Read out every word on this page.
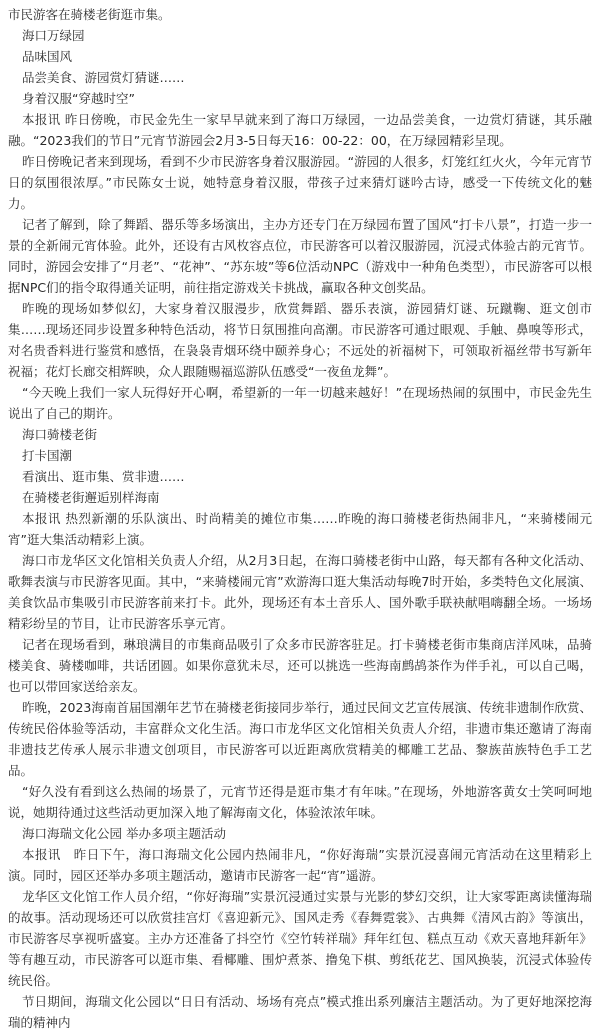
市民游客在骑楼老街逛市集。

海口万绿园

品味国风

品尝美食、游园赏灯猜谜……

身着汉服“穿越时空”

本报讯 昨日傍晚，市民金先生一家早早就来到了海口万绿园，一边品尝美食，一边赏灯猜谜，其乐融融。“2023我们的节日”元宵节游园会2月3-5日每天16：00-22：00，在万绿园精彩呈现。

昨日傍晚记者来到现场，看到不少市民游客身着汉服游园。“游园的人很多，灯笼红红火火，今年元宵节日的氛围很浓厚。”市民陈女士说，她特意身着汉服，带孩子过来猜灯谜吟古诗，感受一下传统文化的魅力。

记者了解到，除了舞蹈、器乐等多场演出，主办方还专门在万绿园布置了国风“打卡八景”，打造一步一景的全新闹元宵体验。此外，还设有古风枚容点位，市民游客可以着汉服游园，沉浸式体验古韵元宵节。同时，游园会安排了“月老”、“花神”、“苏东坡”等6位活动NPC（游戏中一种角色类型），市民游客可以根据NPC们的指令取得通关证明，前往指定游戏关卡挑战，赢取各种文创奖品。

昨晚的现场如梦似幻，大家身着汉服漫步，欣赏舞蹈、器乐表演，游园猜灯谜、玩蹴鞠、逛文创市集……现场还同步设置多种特色活动，将节日氛围推向高潮。市民游客可通过眼观、手触、鼻嗅等形式，对名贵香料进行鉴赏和感悟，在袅袅青烟环绕中颐养身心；不远处的祈福树下，可领取祈福丝带书写新年祝福；花灯长廊交相辉映，众人跟随赐福巡游队伍感受“一夜鱼龙舞”。

“今天晚上我们一家人玩得好开心啊，希望新的一年一切越来越好！”在现场热闹的氛围中，市民金先生说出了自己的期许。

海口骑楼老街

打卡国潮

看演出、逛市集、赏非遗……

在骑楼老街邂逅别样海南

本报讯 热烈新潮的乐队演出、时尚精美的摊位市集……昨晚的海口骑楼老街热闹非凡，“来骑楼闹元宵”逛大集活动精彩上演。

海口市龙华区文化馆相关负责人介绍，从2月3日起，在海口骑楼老街中山路，每天都有各种文化活动、歌舞表演与市民游客见面。其中，“来骑楼闹元宵”欢游海口逛大集活动每晚7时开始，多类特色文化展演、美食饮品市集吸引市民游客前来打卡。此外，现场还有本土音乐人、国外歌手联袂献唱嗨翻全场。一场场精彩纷呈的节目，让市民游客乐享元宵。

记者在现场看到，琳琅满目的市集商品吸引了众多市民游客驻足。打卡骑楼老街市集商店洋风味，品骑楼美食、骑楼咖啡，共话团圆。如果你意犹未尽，还可以挑选一些海南鹧鸪茶作为伴手礼，可以自己喝，也可以带回家送给亲友。

昨晚，2023海南首届国潮年艺节在骑楼老街接同步举行，通过民间文艺宣传展演、传统非遗制作欣赏、传统民俗体验等活动，丰富群众文化生活。海口市龙华区文化馆相关负责人介绍，非遗市集还邀请了海南非遗技艺传承人展示非遗文创项目，市民游客可以近距离欣赏精美的椰雕工艺品、黎族苗族特色手工艺品。

“好久没有看到这么热闹的场景了，元宵节还得是逛市集才有年味。”在现场，外地游客黄女士笑呵呵地说，她期待通过这些活动更加深入地了解海南文化，体验浓浓年味。

海口海瑞文化公园 举办多项主题活动

本报讯　昨日下午，海口海瑞文化公园内热闹非凡，“你好海瑞”实景沉浸喜闹元宵活动在这里精彩上演。同时，园区还举办多项主题活动，邀请市民游客一起“宵”遥游。

龙华区文化馆工作人员介绍，“你好海瑞”实景沉浸通过实景与光影的梦幻交织，让大家零距离读懂海瑞的故事。活动现场还可以欣赏挂宫灯《喜迎新元》、国风走秀《春舞霓裳》、古典舞《清风古韵》等演出，市民游客尽享视听盛宴。主办方还准备了抖空竹《空竹转祥瑞》拜年红包、糕点互动《欢天喜地拜新年》等有趣互动，市民游客可以逛市集、看椰雕、围炉煮茶、撸兔下棋、剪纸花艺、国风换装，沉浸式体验传统民俗。

节日期间，海瑞文化公园以“日日有活动、场场有亮点”模式推出系列廉洁主题活动。为了更好地深挖海瑞的精神内
